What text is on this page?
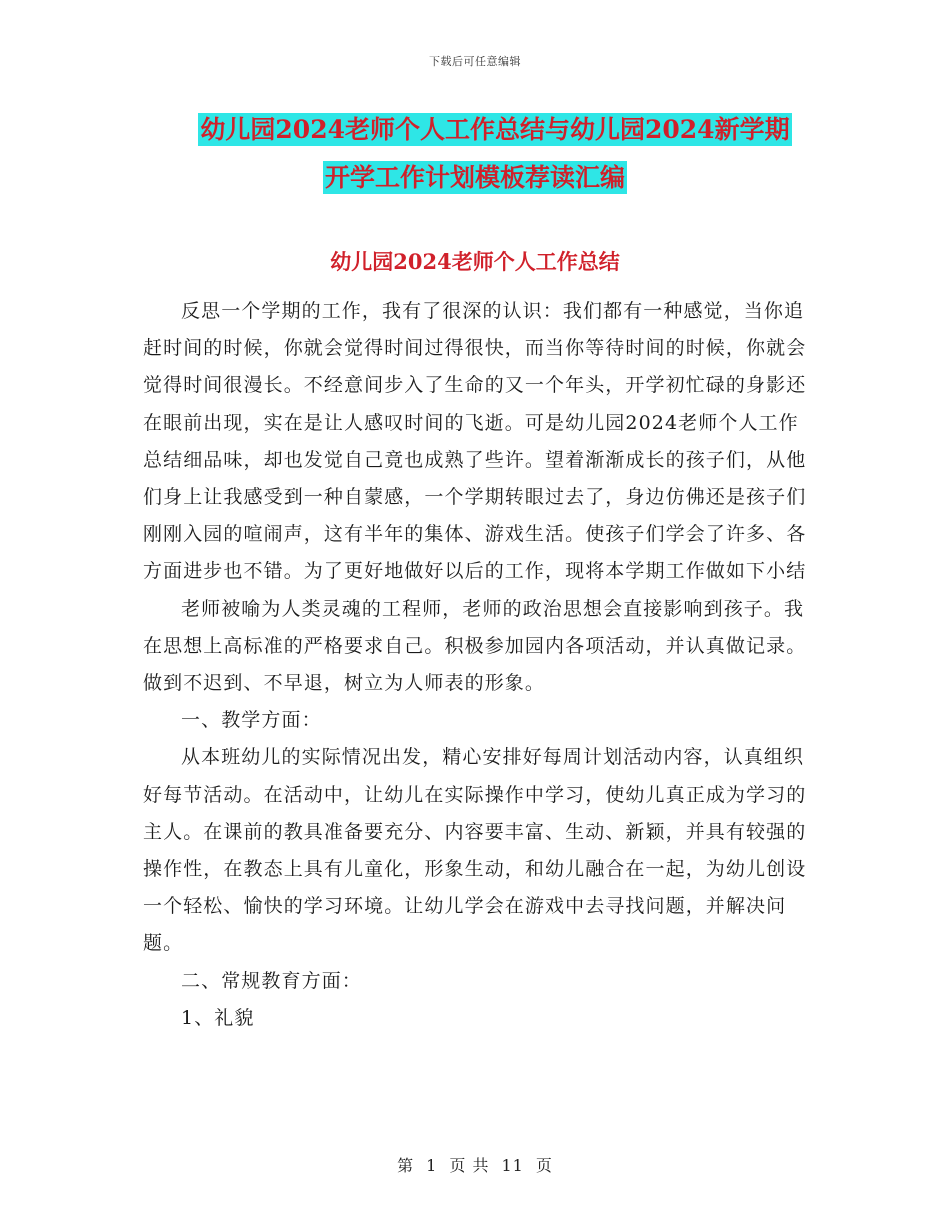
下载后可任意编辑
幼儿园2024老师个人工作总结与幼儿园2024新学期
开学工作计划模板荐读汇编
幼儿园2024老师个人工作总结

反思一个学期的工作，我有了很深的认识：我们都有一种感觉，当你追赶时间的时候，你就会觉得时间过得很快，而当你等待时间的时候，你就会觉得时间很漫长。不经意间步入了生命的又一个年头，开学初忙碌的身影还在眼前出现，实在是让人感叹时间的飞逝。可是幼儿园2024老师个人工作总结细品味，却也发觉自己竟也成熟了些许。望着渐渐成长的孩子们，从他们身上让我感受到一种自蒙感，一个学期转眼过去了，身边仿佛还是孩子们刚刚入园的喧闹声，这有半年的集体、游戏生活。使孩子们学会了许多、各方面进步也不错。为了更好地做好以后的工作，现将本学期工作做如下小结

老师被喻为人类灵魂的工程师，老师的政治思想会直接影响到孩子。我在思想上高标准的严格要求自己。积极参加园内各项活动，并认真做记录。做到不迟到、不早退，树立为人师表的形象。

一、教学方面：

从本班幼儿的实际情况出发，精心安排好每周计划活动内容，认真组织好每节活动。在活动中，让幼儿在实际操作中学习，使幼儿真正成为学习的主人。在课前的教具准备要充分、内容要丰富、生动、新颖，并具有较强的操作性，在教态上具有儿童化，形象生动，和幼儿融合在一起，为幼儿创设一个轻松、愉快的学习环境。让幼儿学会在游戏中去寻找问题，并解决问题。

二、常规教育方面：

1、礼貌

第 1 页 共 11 页
